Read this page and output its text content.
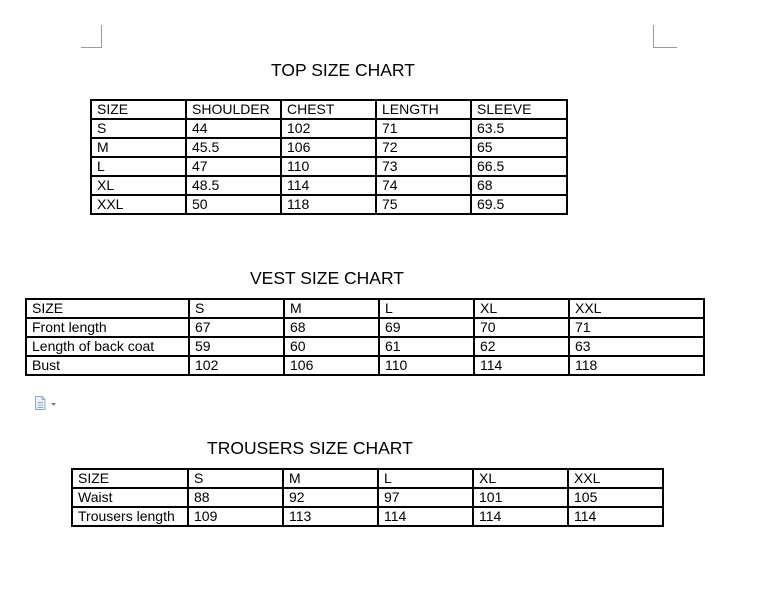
TOP SIZE CHART
SIZE	SHOULDER	CHEST	LENGTH	SLEEVE
S	44	102	71	63.5
M	45.5	106	72	65
L	47	110	73	66.5
XL	48.5	114	74	68
XXL	50	118	75	69.5
VEST SIZE CHART
SIZE	S	M	L	XL	XXL
Front length	67	68	69	70	71
Length of back coat	59	60	61	62	63
Bust	102	106	110	114	118
TROUSERS SIZE CHART
SIZE	S	M	L	XL	XXL
Waist	88	92	97	101	105
Trousers length	109	113	114	114	114
